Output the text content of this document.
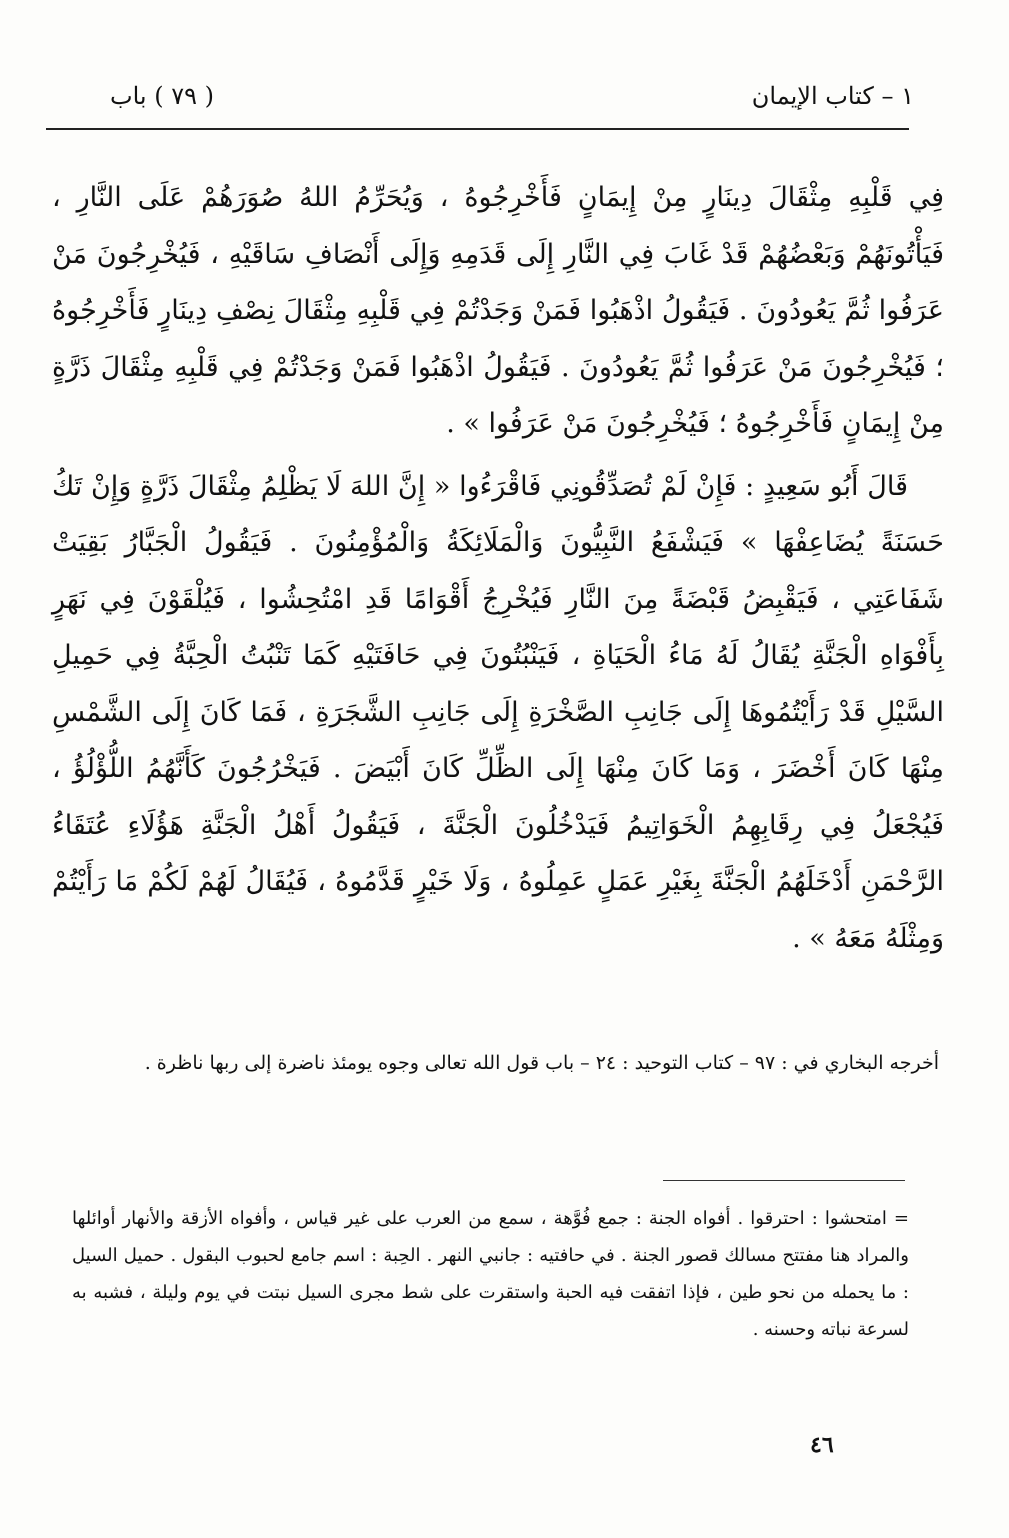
١ – كتاب الإيمان
( ٧٩ ) باب

فِي قَلْبِهِ مِثْقَالَ دِينَارٍ مِنْ إِيمَانٍ فَأَخْرِجُوهُ ، وَيُحَرِّمُ اللهُ صُوَرَهُمْ عَلَى النَّارِ ، فَيَأْتُونَهُمْ وَبَعْضُهُمْ قَدْ غَابَ فِي النَّارِ إِلَى قَدَمِهِ وَإِلَى أَنْصَافِ سَاقَيْهِ ، فَيُخْرِجُونَ مَنْ عَرَفُوا ثُمَّ يَعُودُونَ . فَيَقُولُ اذْهَبُوا فَمَنْ وَجَدْتُمْ فِي قَلْبِهِ مِثْقَالَ نِصْفِ دِينَارٍ فَأَخْرِجُوهُ ؛ فَيُخْرِجُونَ مَنْ عَرَفُوا ثُمَّ يَعُودُونَ . فَيَقُولُ اذْهَبُوا فَمَنْ وَجَدْتُمْ فِي قَلْبِهِ مِثْقَالَ ذَرَّةٍ مِنْ إِيمَانٍ فَأَخْرِجُوهُ ؛ فَيُخْرِجُونَ مَنْ عَرَفُوا » .

قَالَ أَبُو سَعِيدٍ : فَإِنْ لَمْ تُصَدِّقُونِي فَاقْرَءُوا « إِنَّ اللهَ لَا يَظْلِمُ مِثْقَالَ ذَرَّةٍ وَإِنْ تَكُ حَسَنَةً يُضَاعِفْهَا » فَيَشْفَعُ النَّبِيُّونَ وَالْمَلَائِكَةُ وَالْمُؤْمِنُونَ . فَيَقُولُ الْجَبَّارُ بَقِيَتْ شَفَاعَتِي ، فَيَقْبِضُ قَبْضَةً مِنَ النَّارِ فَيُخْرِجُ أَقْوَامًا قَدِ امْتُحِشُوا ، فَيُلْقَوْنَ فِي نَهَرٍ بِأَفْوَاهِ الْجَنَّةِ يُقَالُ لَهُ مَاءُ الْحَيَاةِ ، فَيَنْبُتُونَ فِي حَافَتَيْهِ كَمَا تَنْبُتُ الْحِبَّةُ فِي حَمِيلِ السَّيْلِ قَدْ رَأَيْتُمُوهَا إِلَى جَانِبِ الصَّخْرَةِ إِلَى جَانِبِ الشَّجَرَةِ ، فَمَا كَانَ إِلَى الشَّمْسِ مِنْهَا كَانَ أَخْضَرَ ، وَمَا كَانَ مِنْهَا إِلَى الظِّلِّ كَانَ أَبْيَضَ . فَيَخْرُجُونَ كَأَنَّهُمُ اللُّؤْلُؤُ ، فَيُجْعَلُ فِي رِقَابِهِمُ الْخَوَاتِيمُ فَيَدْخُلُونَ الْجَنَّةَ ، فَيَقُولُ أَهْلُ الْجَنَّةِ هَؤُلَاءِ عُتَقَاءُ الرَّحْمَنِ أَدْخَلَهُمُ الْجَنَّةَ بِغَيْرِ عَمَلٍ عَمِلُوهُ ، وَلَا خَيْرٍ قَدَّمُوهُ ، فَيُقَالُ لَهُمْ لَكُمْ مَا رَأَيْتُمْ وَمِثْلَهُ مَعَهُ » .

أخرجه البخاري في : ٩٧ – كتاب التوحيد : ٢٤ – باب قول الله تعالى وجوه يومئذ ناضرة إلى ربها ناظرة .

= امتحشوا : احترقوا . أفواه الجنة : جمع فُوَّهة ، سمع من العرب على غير قياس ، وأفواه الأزقة والأنهار أوائلها والمراد هنا مفتتح مسالك قصور الجنة . في حافتيه : جانبي النهر . الحِبة : اسم جامع لحبوب البقول . حميل السيل : ما يحمله من نحو طين ، فإذا اتفقت فيه الحبة واستقرت على شط مجرى السيل نبتت في يوم وليلة ، فشبه به لسرعة نباته وحسنه .

٤٦
